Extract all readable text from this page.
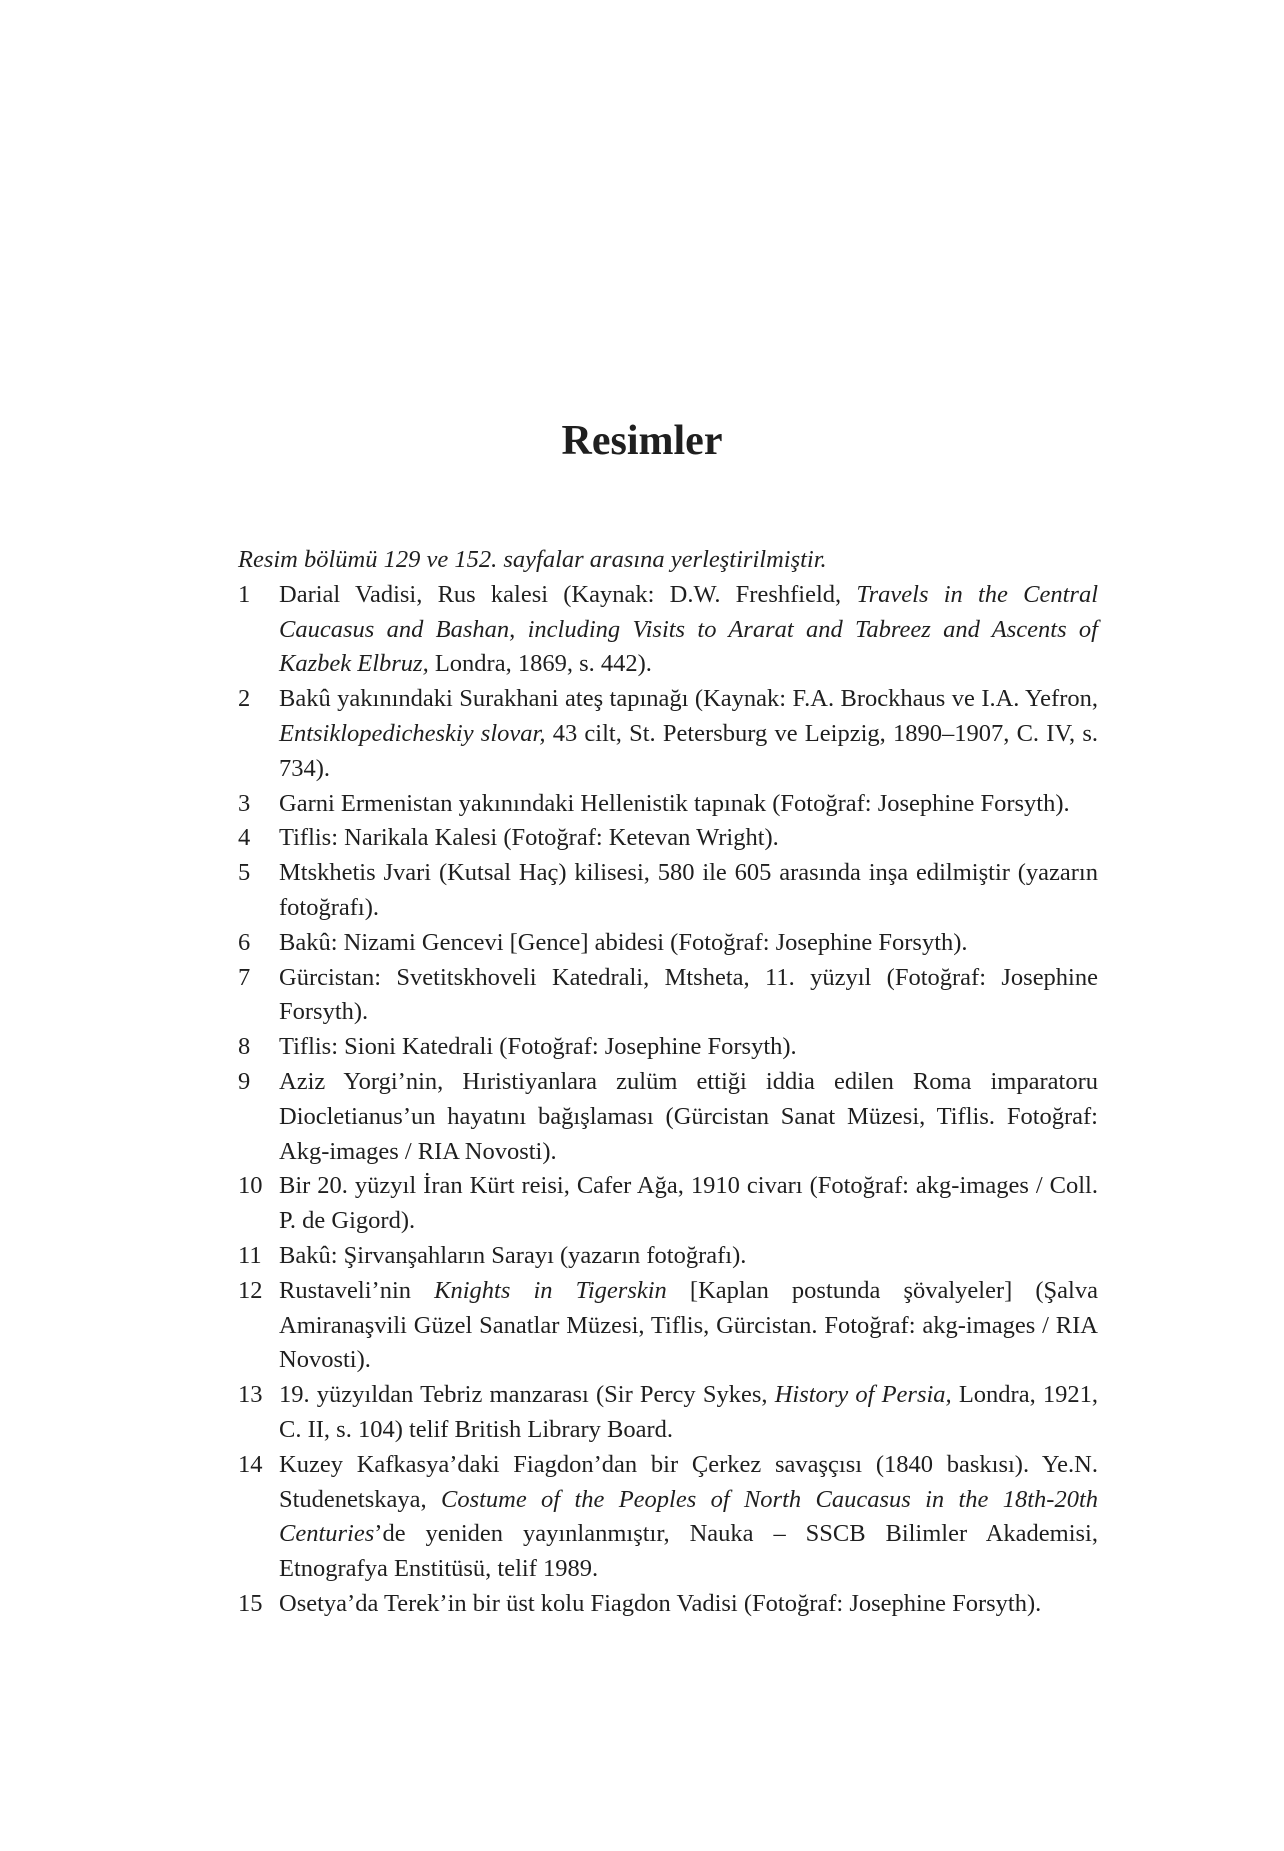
Resimler

Resim bölümü 129 ve 152. sayfalar arasına yerleştirilmiştir.

1	Darial Vadisi, Rus kalesi (Kaynak: D.W. Freshfield, Travels in the Central Caucasus and Bashan, including Visits to Ararat and Tabreez and Ascents of Kazbek Elbruz, Londra, 1869, s. 442).
2	Bakû yakınındaki Surakhani ateş tapınağı (Kaynak: F.A. Brockhaus ve I.A. Yefron, Entsiklopedicheskiy slovar, 43 cilt, St. Petersburg ve Leipzig, 1890–1907, C. IV, s. 734).
3	Garni Ermenistan yakınındaki Hellenistik tapınak (Fotoğraf: Josephine Forsyth).
4	Tiflis: Narikala Kalesi (Fotoğraf: Ketevan Wright).
5	Mtskhetis Jvari (Kutsal Haç) kilisesi, 580 ile 605 arasında inşa edilmiştir (yazarın fotoğrafı).
6	Bakû: Nizami Gencevi [Gence] abidesi (Fotoğraf: Josephine Forsyth).
7	Gürcistan: Svetitskhoveli Katedrali, Mtsheta, 11. yüzyıl (Fotoğraf: Josephine Forsyth).
8	Tiflis: Sioni Katedrali (Fotoğraf: Josephine Forsyth).
9	Aziz Yorgi’nin, Hıristiyanlara zulüm ettiği iddia edilen Roma imparatoru Diocletianus’un hayatını bağışlaması (Gürcistan Sanat Müzesi, Tiflis. Fotoğraf: Akg-images / RIA Novosti).
10 Bir 20. yüzyıl İran Kürt reisi, Cafer Ağa, 1910 civarı (Fotoğraf: akg-images / Coll. P. de Gigord).
11 Bakû: Şirvanşahların Sarayı (yazarın fotoğrafı).
12 Rustaveli’nin Knights in Tigerskin [Kaplan postunda şövalyeler] (Şalva Amiranaşvili Güzel Sanatlar Müzesi, Tiflis, Gürcistan. Fotoğraf: akg-images / RIA Novosti).
13 19. yüzyıldan Tebriz manzarası (Sir Percy Sykes, History of Persia, Londra, 1921, C. II, s. 104) telif British Library Board.
14 Kuzey Kafkasya’daki Fiagdon’dan bir Çerkez savaşçısı (1840 baskısı). Ye.N. Studenetskaya, Costume of the Peoples of North Caucasus in the 18th-20th Centuries’de yeniden yayınlanmıştır, Nauka – SSCB Bilimler Akademisi, Etnografya Enstitüsü, telif 1989.
15 Osetya’da Terek’in bir üst kolu Fiagdon Vadisi (Fotoğraf: Josephine Forsyth).
